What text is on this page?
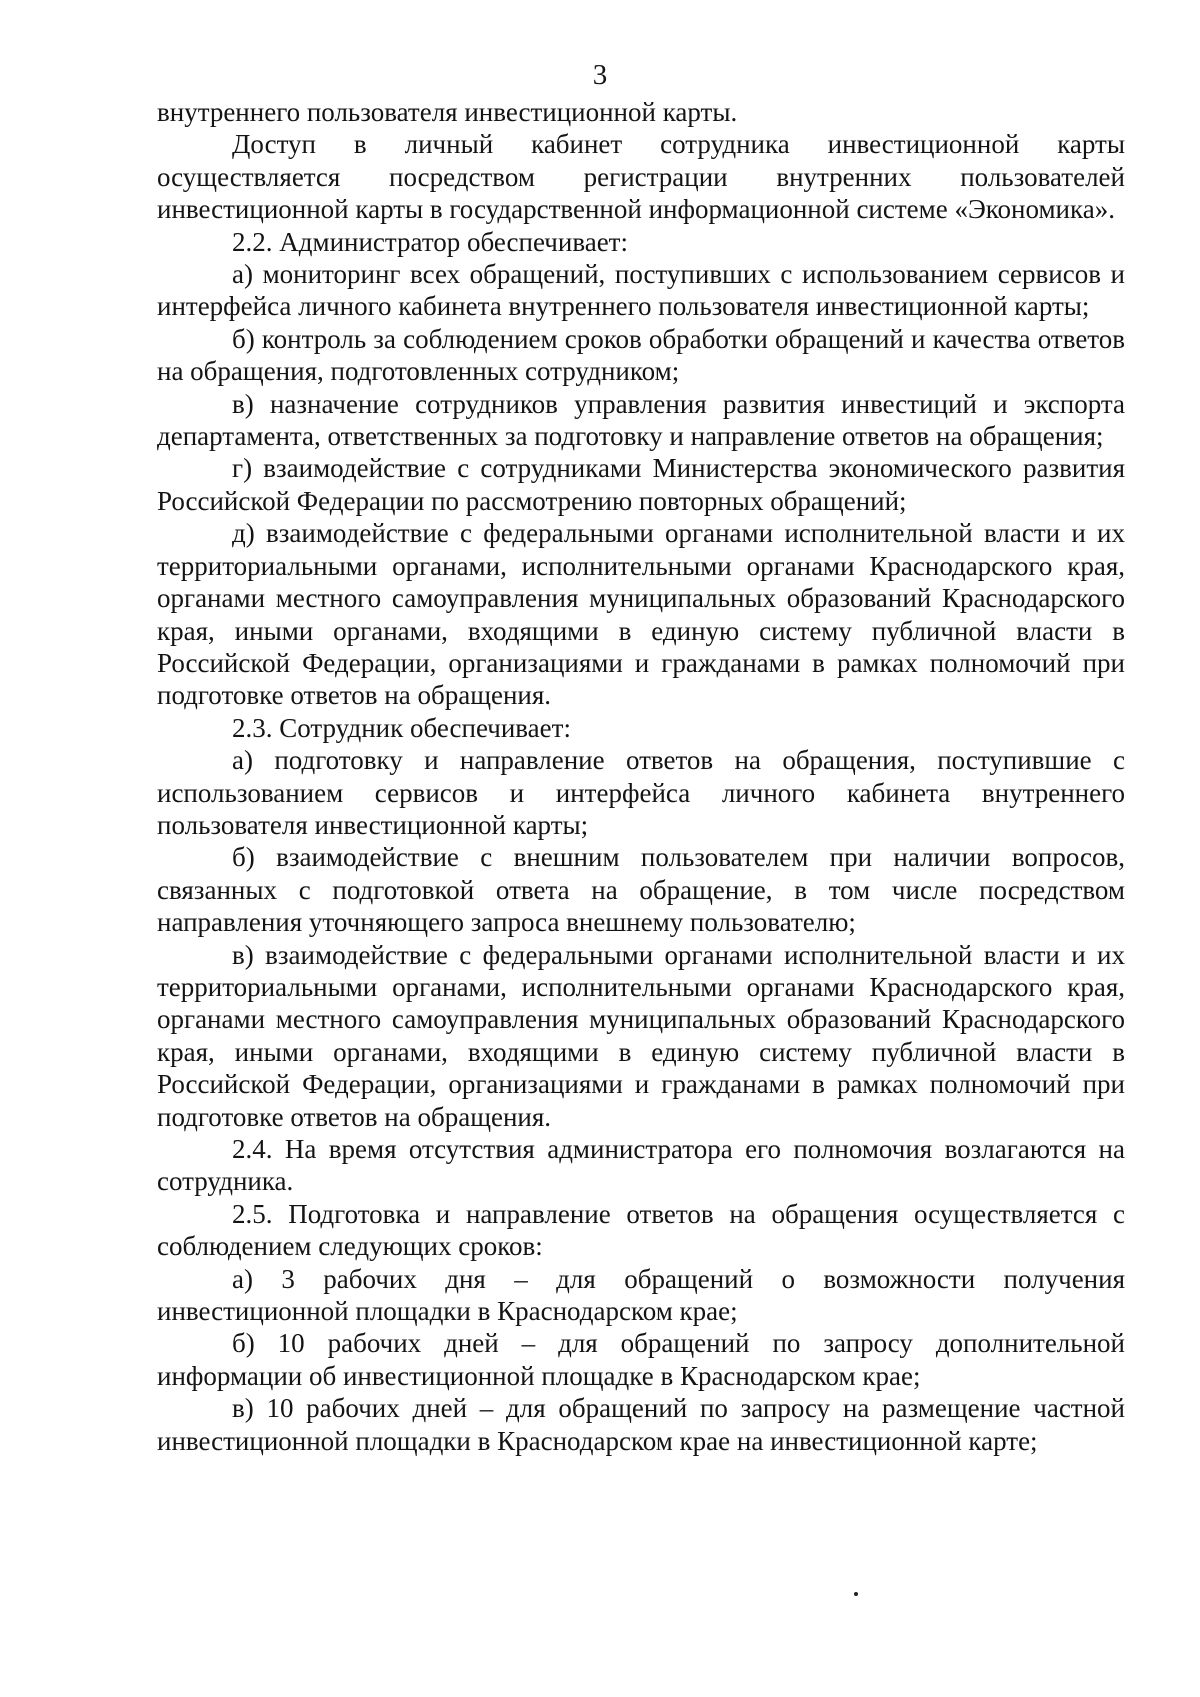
3

внутреннего пользователя инвестиционной карты.

Доступ в личный кабинет сотрудника инвестиционной карты осуществляется посредством регистрации внутренних пользователей инвестиционной карты в государственной информационной системе «Экономика».

2.2. Администратор обеспечивает:

а) мониторинг всех обращений, поступивших с использованием сервисов и интерфейса личного кабинета внутреннего пользователя инвестиционной карты;

б) контроль за соблюдением сроков обработки обращений и качества ответов на обращения, подготовленных сотрудником;

в) назначение сотрудников управления развития инвестиций и экспорта департамента, ответственных за подготовку и направление ответов на обращения;

г) взаимодействие с сотрудниками Министерства экономического развития Российской Федерации по рассмотрению повторных обращений;

д) взаимодействие с федеральными органами исполнительной власти и их территориальными органами, исполнительными органами Краснодарского края, органами местного самоуправления муниципальных образований Краснодарского края, иными органами, входящими в единую систему публичной власти в Российской Федерации, организациями и гражданами в рамках полномочий при подготовке ответов на обращения.

2.3. Сотрудник обеспечивает:

а) подготовку и направление ответов на обращения, поступившие с использованием сервисов и интерфейса личного кабинета внутреннего пользователя инвестиционной карты;

б) взаимодействие с внешним пользователем при наличии вопросов, связанных с подготовкой ответа на обращение, в том числе посредством направления уточняющего запроса внешнему пользователю;

в) взаимодействие с федеральными органами исполнительной власти и их территориальными органами, исполнительными органами Краснодарского края, органами местного самоуправления муниципальных образований Краснодарского края, иными органами, входящими в единую систему публичной власти в Российской Федерации, организациями и гражданами в рамках полномочий при подготовке ответов на обращения.

2.4. На время отсутствия администратора его полномочия возлагаются на сотрудника.

2.5. Подготовка и направление ответов на обращения осуществляется с соблюдением следующих сроков:

а) 3 рабочих дня – для обращений о возможности получения инвестиционной площадки в Краснодарском крае;

б) 10 рабочих дней – для обращений по запросу дополнительной информации об инвестиционной площадке в Краснодарском крае;

в) 10 рабочих дней – для обращений по запросу на размещение частной инвестиционной площадки в Краснодарском крае на инвестиционной карте;
